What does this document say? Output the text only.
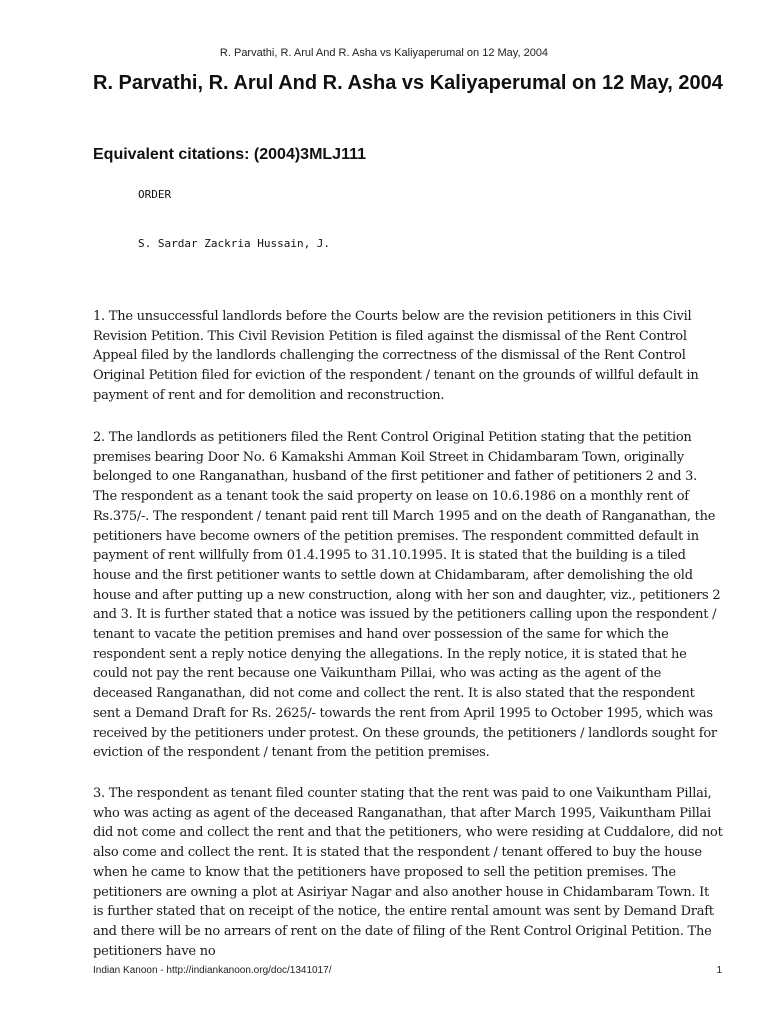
R. Parvathi, R. Arul And R. Asha vs Kaliyaperumal on 12 May, 2004
R. Parvathi, R. Arul And R. Asha vs Kaliyaperumal on 12 May, 2004
Equivalent citations: (2004)3MLJ111
ORDER
S. Sardar Zackria Hussain, J.

1. The unsuccessful landlords before the Courts below are the revision petitioners in this Civil Revision Petition. This Civil Revision Petition is filed against the dismissal of the Rent Control Appeal filed by the landlords challenging the correctness of the dismissal of the Rent Control Original Petition filed for eviction of the respondent / tenant on the grounds of willful default in payment of rent and for demolition and reconstruction.

2. The landlords as petitioners filed the Rent Control Original Petition stating that the petition premises bearing Door No. 6 Kamakshi Amman Koil Street in Chidambaram Town, originally belonged to one Ranganathan, husband of the first petitioner and father of petitioners 2 and 3. The respondent as a tenant took the said property on lease on 10.6.1986 on a monthly rent of Rs.375/-. The respondent / tenant paid rent till March 1995 and on the death of Ranganathan, the petitioners have become owners of the petition premises. The respondent committed default in payment of rent willfully from 01.4.1995 to 31.10.1995. It is stated that the building is a tiled house and the first petitioner wants to settle down at Chidambaram, after demolishing the old house and after putting up a new construction, along with her son and daughter, viz., petitioners 2 and 3. It is further stated that a notice was issued by the petitioners calling upon the respondent / tenant to vacate the petition premises and hand over possession of the same for which the respondent sent a reply notice denying the allegations. In the reply notice, it is stated that he could not pay the rent because one Vaikuntham Pillai, who was acting as the agent of the deceased Ranganathan, did not come and collect the rent. It is also stated that the respondent sent a Demand Draft for Rs. 2625/- towards the rent from April 1995 to October 1995, which was received by the petitioners under protest. On these grounds, the petitioners / landlords sought for eviction of the respondent / tenant from the petition premises.

3. The respondent as tenant filed counter stating that the rent was paid to one Vaikuntham Pillai, who was acting as agent of the deceased Ranganathan, that after March 1995, Vaikuntham Pillai did not come and collect the rent and that the petitioners, who were residing at Cuddalore, did not also come and collect the rent. It is stated that the respondent / tenant offered to buy the house when he came to know that the petitioners have proposed to sell the petition premises. The petitioners are owning a plot at Asiriyar Nagar and also another house in Chidambaram Town. It is further stated that on receipt of the notice, the entire rental amount was sent by Demand Draft and there will be no arrears of rent on the date of filing of the Rent Control Original Petition. The petitioners have no

Indian Kanoon - http://indiankanoon.org/doc/1341017/	1
